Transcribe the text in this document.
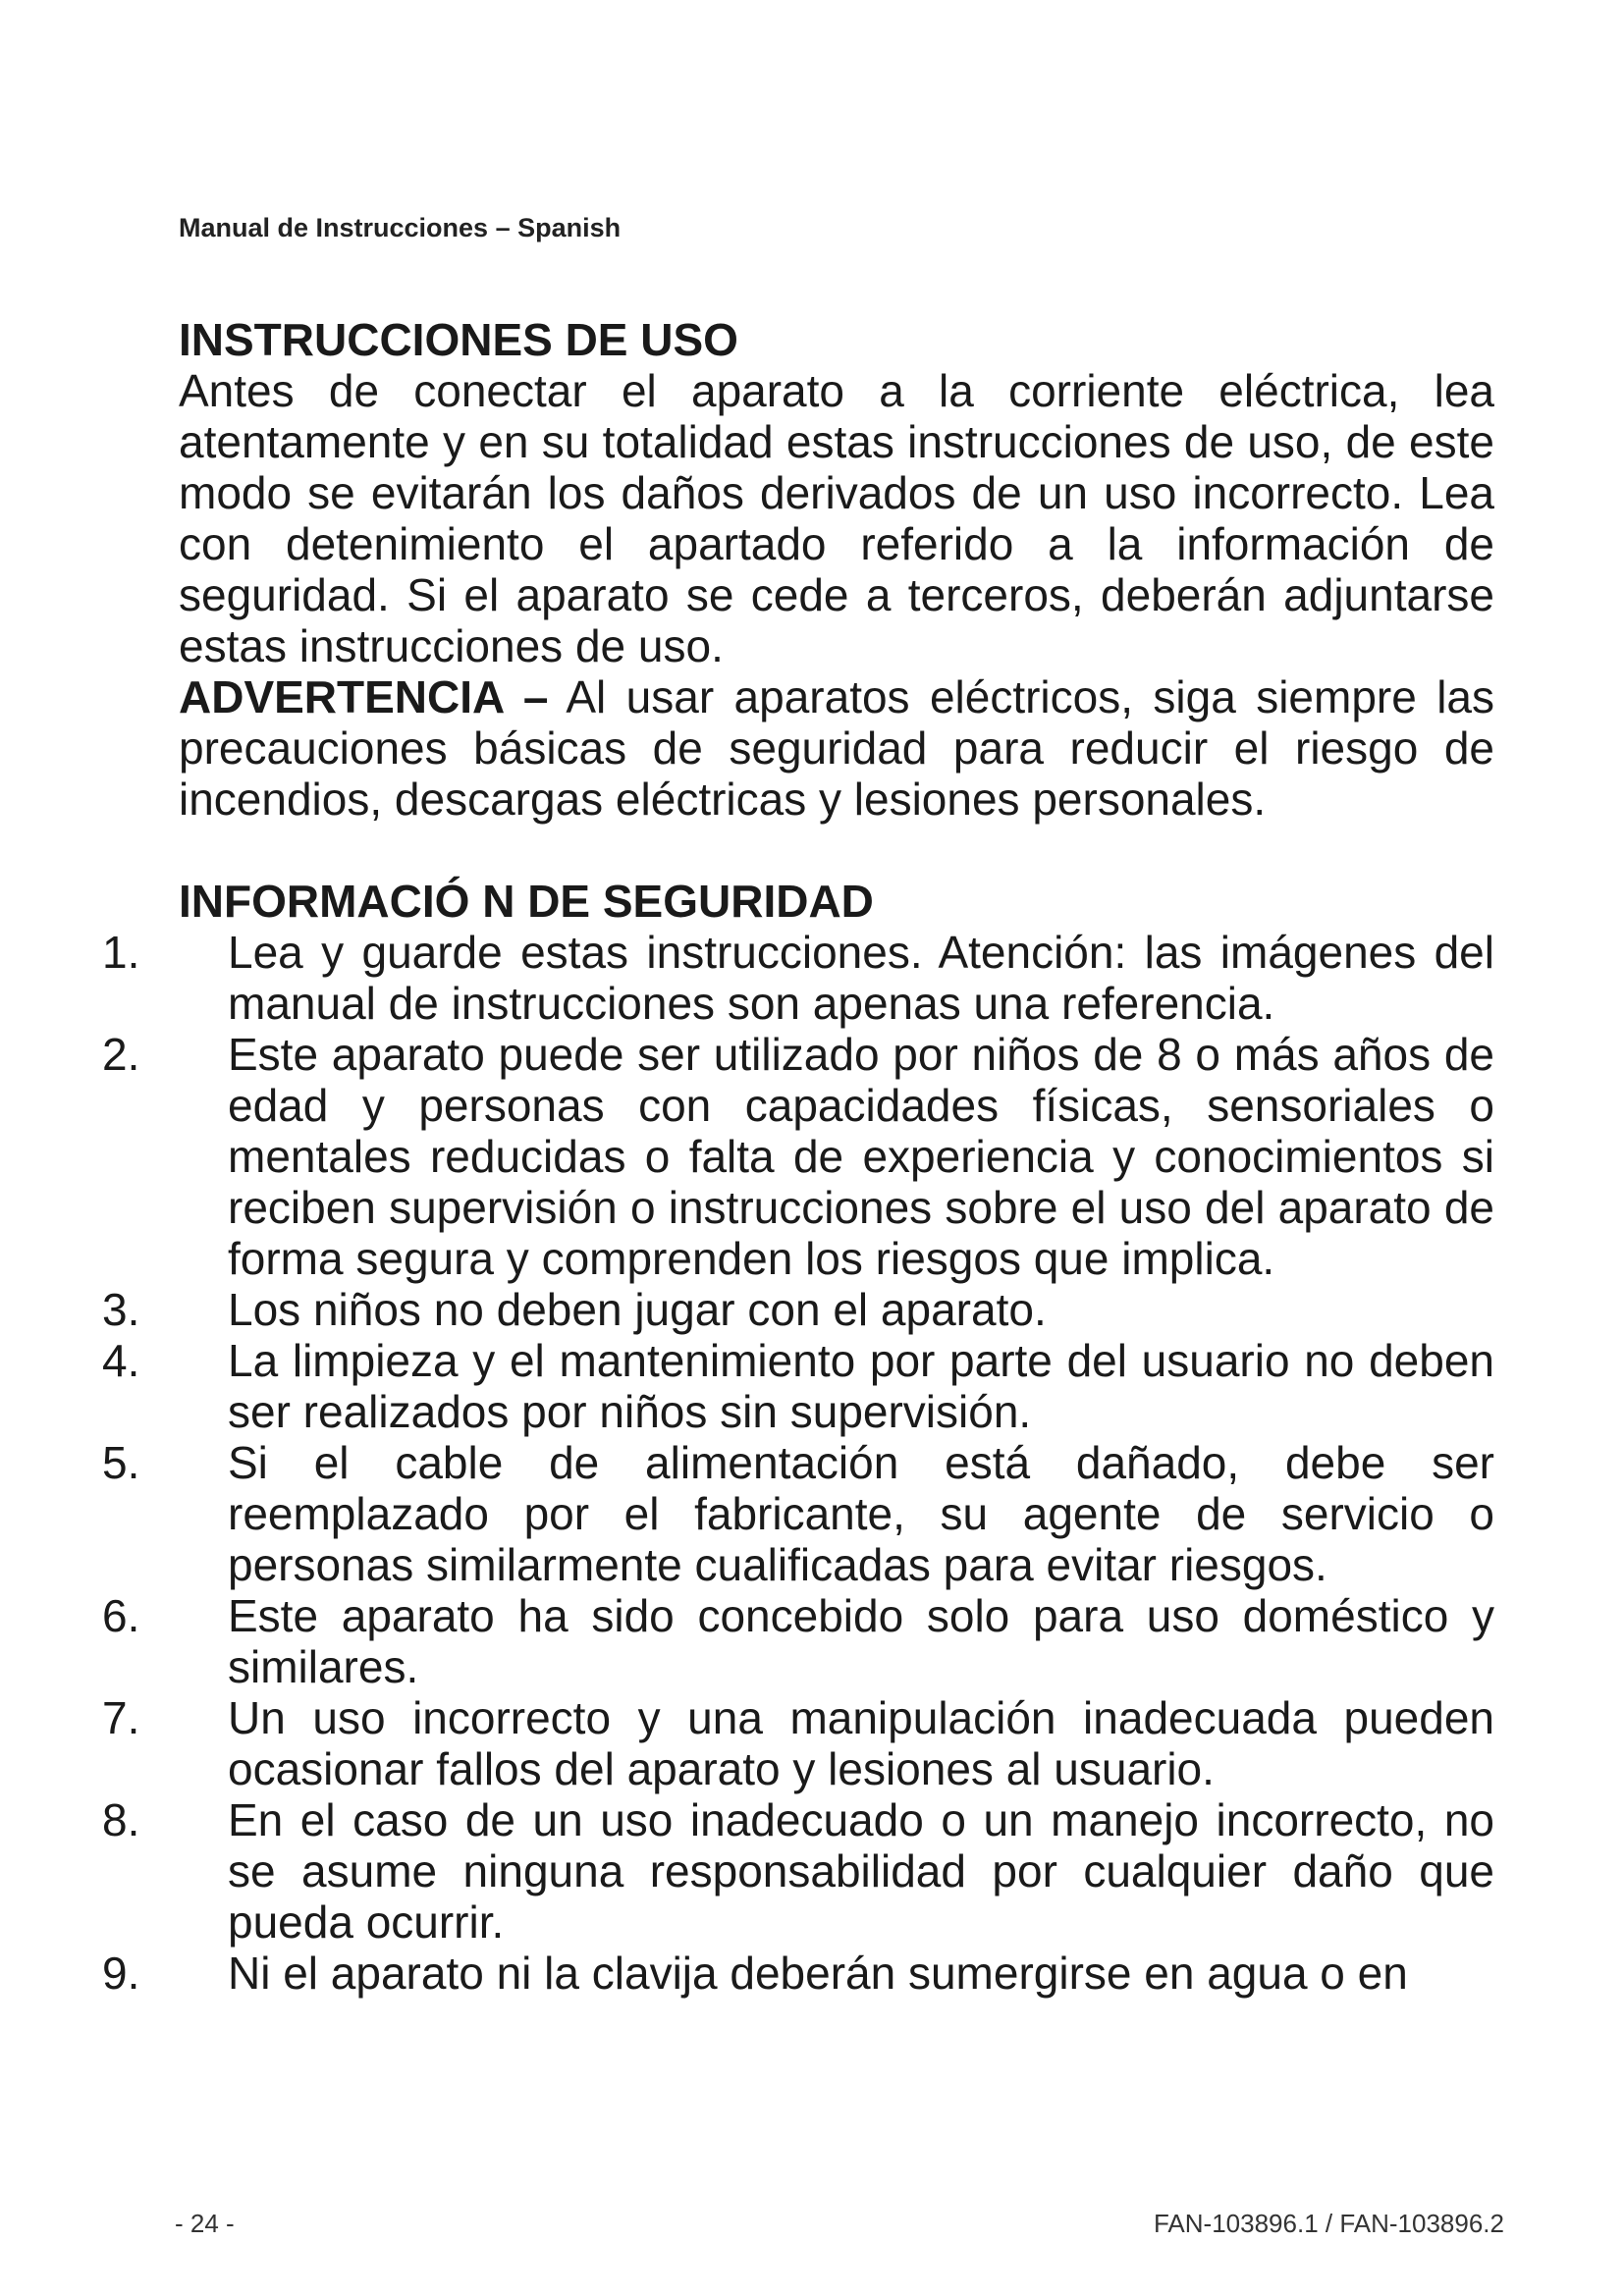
Manual de Instrucciones – Spanish
INSTRUCCIONES DE USO

Antes de conectar el aparato a la corriente eléctrica, lea atentamente y en su totalidad estas instrucciones de uso, de este modo se evitarán los daños derivados de un uso incorrecto. Lea con detenimiento el apartado referido a la información de seguridad. Si el aparato se cede a terceros, deberán adjuntarse estas instrucciones de uso.

ADVERTENCIA – Al usar aparatos eléctricos, siga siempre las precauciones básicas de seguridad para reducir el riesgo de incendios, descargas eléctricas y lesiones personales.

INFORMACIÓ N DE SEGURIDAD
1.	Lea y guarde estas instrucciones. Atención: las imágenes del manual de instrucciones son apenas una referencia.
2.	Este aparato puede ser utilizado por niños de 8 o más años de edad y personas con capacidades físicas, sensoriales o mentales reducidas o falta de experiencia y conocimientos si reciben supervisión o instrucciones sobre el uso del aparato de forma segura y comprenden los riesgos que implica.
3.	Los niños no deben jugar con el aparato.
4.	La limpieza y el mantenimiento por parte del usuario no deben ser realizados por niños sin supervisión.
5.	Si el cable de alimentación está dañado, debe ser reemplazado por el fabricante, su agente de servicio o personas similarmente cualificadas para evitar riesgos.
6.	Este aparato ha sido concebido solo para uso doméstico y similares.
7.	Un uso incorrecto y una manipulación inadecuada pueden ocasionar fallos del aparato y lesiones al usuario.
8.	En el caso de un uso inadecuado o un manejo incorrecto, no se asume ninguna responsabilidad por cualquier daño que pueda ocurrir.
9.	Ni el aparato ni la clavija deberán sumergirse en agua o en
- 24 -	FAN-103896.1 / FAN-103896.2
